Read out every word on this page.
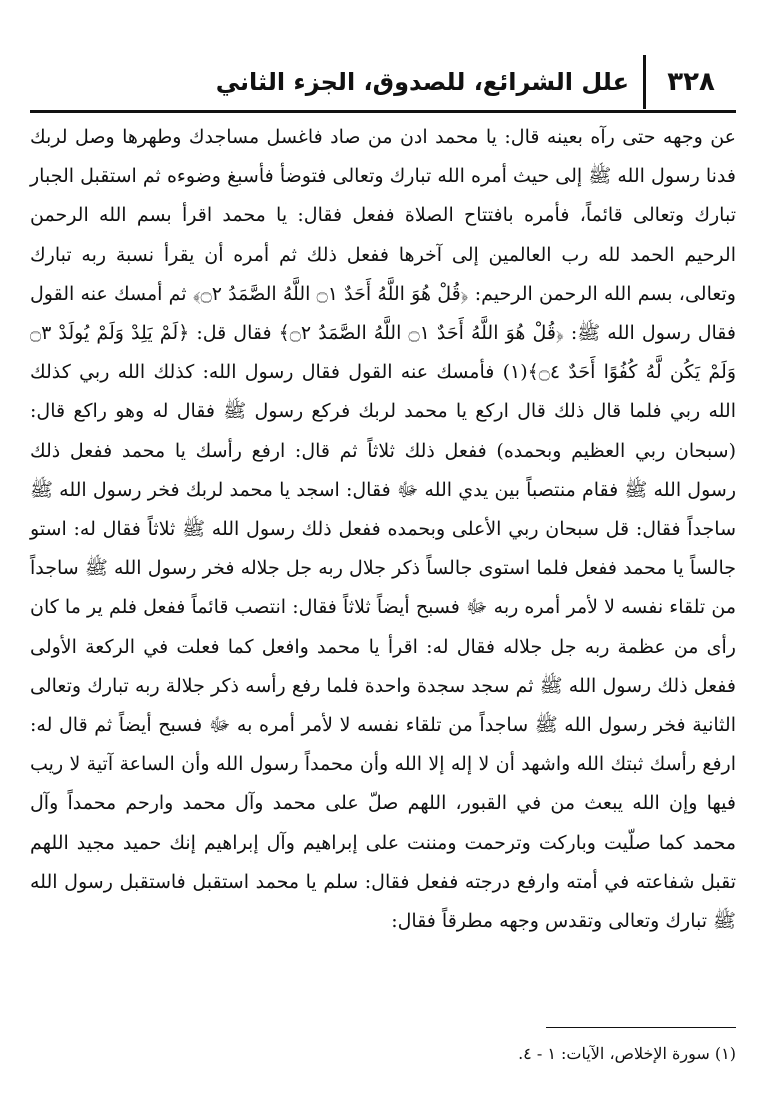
٣٢٨
علل الشرائع، للصدوق، الجزء الثاني

عن وجهه حتى رآه بعينه قال: يا محمد ادن من صاد فاغسل مساجدك وطهرها وصل لربك فدنا رسول الله ﷺ إلى حيث أمره الله تبارك وتعالى فتوضأ فأسبغ وضوءه ثم استقبل الجبار تبارك وتعالى قائماً، فأمره بافتتاح الصلاة ففعل فقال: يا محمد اقرأ بسم الله الرحمن الرحيم الحمد لله رب العالمين إلى آخرها ففعل ذلك ثم أمره أن يقرأ نسبة ربه تبارك وتعالى، بسم الله الرحمن الرحيم: ﴿قُلْ هُوَ اللَّهُ أَحَدٌ ۝١ اللَّهُ الصَّمَدُ ۝٢﴾ ثم أمسك عنه القول فقال رسول الله ﷺ: ﴿قُلْ هُوَ اللَّهُ أَحَدٌ ۝١ اللَّهُ الصَّمَدُ ۝٢﴾ فقال قل: ﴿لَمْ يَلِدْ وَلَمْ يُولَدْ ۝٣ وَلَمْ يَكُن لَّهُ كُفُوًا أَحَدٌ ۝٤﴾(١) فأمسك عنه القول فقال رسول الله: كذلك الله ربي كذلك الله ربي فلما قال ذلك قال اركع يا محمد لربك فركع رسول ﷺ فقال له وهو راكع قال: (سبحان ربي العظيم وبحمده) ففعل ذلك ثلاثاً ثم قال: ارفع رأسك يا محمد ففعل ذلك رسول الله ﷺ فقام منتصباً بين يدي الله ﷻ فقال: اسجد يا محمد لربك فخر رسول الله ﷺ ساجداً فقال: قل سبحان ربي الأعلى وبحمده ففعل ذلك رسول الله ﷺ ثلاثاً فقال له: استو جالساً يا محمد ففعل فلما استوى جالساً ذكر جلال ربه جل جلاله فخر رسول الله ﷺ ساجداً من تلقاء نفسه لا لأمر أمره ربه ﷻ فسبح أيضاً ثلاثاً فقال: انتصب قائماً ففعل فلم ير ما كان رأى من عظمة ربه جل جلاله فقال له: اقرأ يا محمد وافعل كما فعلت في الركعة الأولى ففعل ذلك رسول الله ﷺ ثم سجد سجدة واحدة فلما رفع رأسه ذكر جلالة ربه تبارك وتعالى الثانية فخر رسول الله ﷺ ساجداً من تلقاء نفسه لا لأمر أمره به ﷻ فسبح أيضاً ثم قال له: ارفع رأسك ثبتك الله واشهد أن لا إله إلا الله وأن محمداً رسول الله وأن الساعة آتية لا ريب فيها وإن الله يبعث من في القبور، اللهم صلّ على محمد وآل محمد وارحم محمداً وآل محمد كما صلّيت وباركت وترحمت ومننت على إبراهيم وآل إبراهيم إنك حميد مجيد اللهم تقبل شفاعته في أمته وارفع درجته ففعل فقال: سلم يا محمد استقبل فاستقبل رسول الله ﷺ تبارك وتعالى وتقدس وجهه مطرقاً فقال:

(١) سورة الإخلاص، الآيات: ١ - ٤.
